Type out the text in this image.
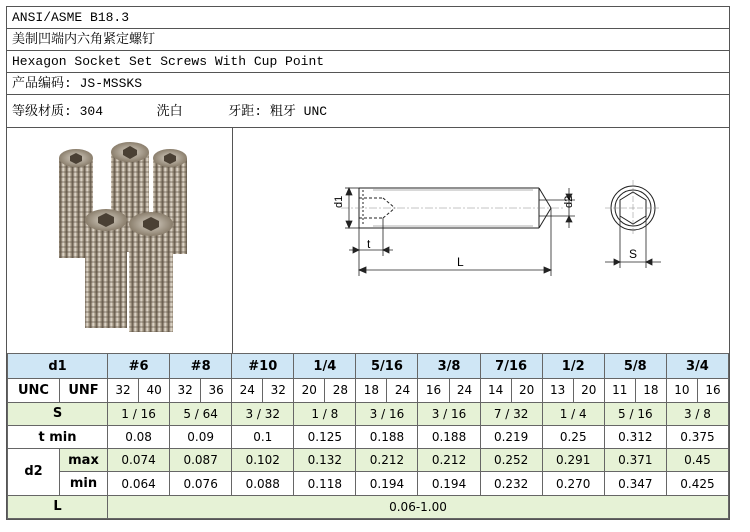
ANSI/ASME B18.3
美制凹端内六角紧定螺钉
Hexagon Socket Set Screws With Cup Point
产品编码: JS-MSSKS
等级材质: 304	洗白	牙距: 粗牙 UNC
d1	d2
t
L
S
d1		#6		#8		#10		1/4		5/16		3/8		7/16		1/2		5/8		3/4	
UNC	UNF	32	40	32	36	24	32	20	28	18	24	16	24	14	20	13	20	11	18	10	16
S		1 / 16		5 / 64		3 / 32		1 / 8		3 / 16		3 / 16		7 / 32		1 / 4		5 / 16		3 / 8	
t min		0.08		0.09		0.1		0.125		0.188		0.188		0.219		0.25		0.312		0.375	
d2	max	0.074		0.087		0.102		0.132		0.212		0.212		0.252		0.291		0.371		0.45	
	min	0.064		0.076		0.088		0.118		0.194		0.194		0.232		0.270		0.347		0.425	
L		0.06-1.00																			
